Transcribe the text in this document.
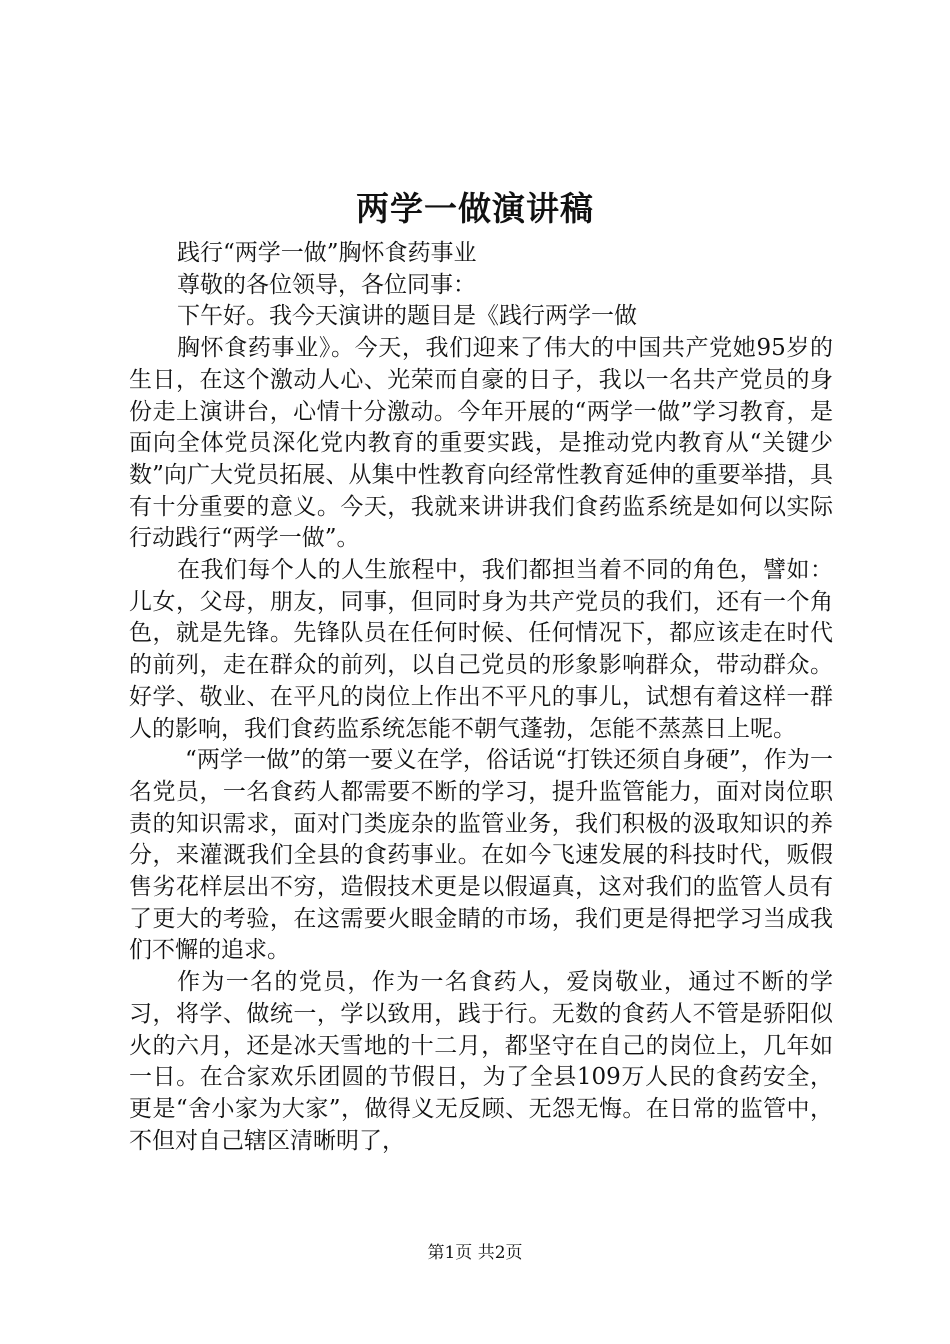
两学一做演讲稿

践行“两学一做”胸怀食药事业

尊敬的各位领导，各位同事：

下午好。我今天演讲的题目是《践行两学一做

胸怀食药事业》。今天，我们迎来了伟大的中国共产党她95岁的生日，在这个激动人心、光荣而自豪的日子，我以一名共产党员的身份走上演讲台，心情十分激动。今年开展的“两学一做”学习教育，是面向全体党员深化党内教育的重要实践，是推动党内教育从“关键少数”向广大党员拓展、从集中性教育向经常性教育延伸的重要举措，具有十分重要的意义。今天，我就来讲讲我们食药监系统是如何以实际行动践行“两学一做”。

在我们每个人的人生旅程中，我们都担当着不同的角色，譬如：儿女，父母，朋友，同事，但同时身为共产党员的我们，还有一个角色，就是先锋。先锋队员在任何时候、任何情况下，都应该走在时代的前列，走在群众的前列，以自己党员的形象影响群众，带动群众。好学、敬业、在平凡的岗位上作出不平凡的事儿，试想有着这样一群人的影响，我们食药监系统怎能不朝气蓬勃，怎能不蒸蒸日上呢。

“两学一做”的第一要义在学，俗话说“打铁还须自身硬”，作为一名党员，一名食药人都需要不断的学习，提升监管能力，面对岗位职责的知识需求，面对门类庞杂的监管业务，我们积极的汲取知识的养分，来灌溉我们全县的食药事业。在如今飞速发展的科技时代，贩假售劣花样层出不穷，造假技术更是以假逼真，这对我们的监管人员有了更大的考验，在这需要火眼金睛的市场，我们更是得把学习当成我们不懈的追求。

作为一名的党员，作为一名食药人，爱岗敬业，通过不断的学习，将学、做统一，学以致用，践于行。无数的食药人不管是骄阳似火的六月，还是冰天雪地的十二月，都坚守在自己的岗位上，几年如一日。在合家欢乐团圆的节假日，为了全县109万人民的食药安全，更是“舍小家为大家”，做得义无反顾、无怨无悔。在日常的监管中，不但对自己辖区清晰明了，

第1页 共2页
